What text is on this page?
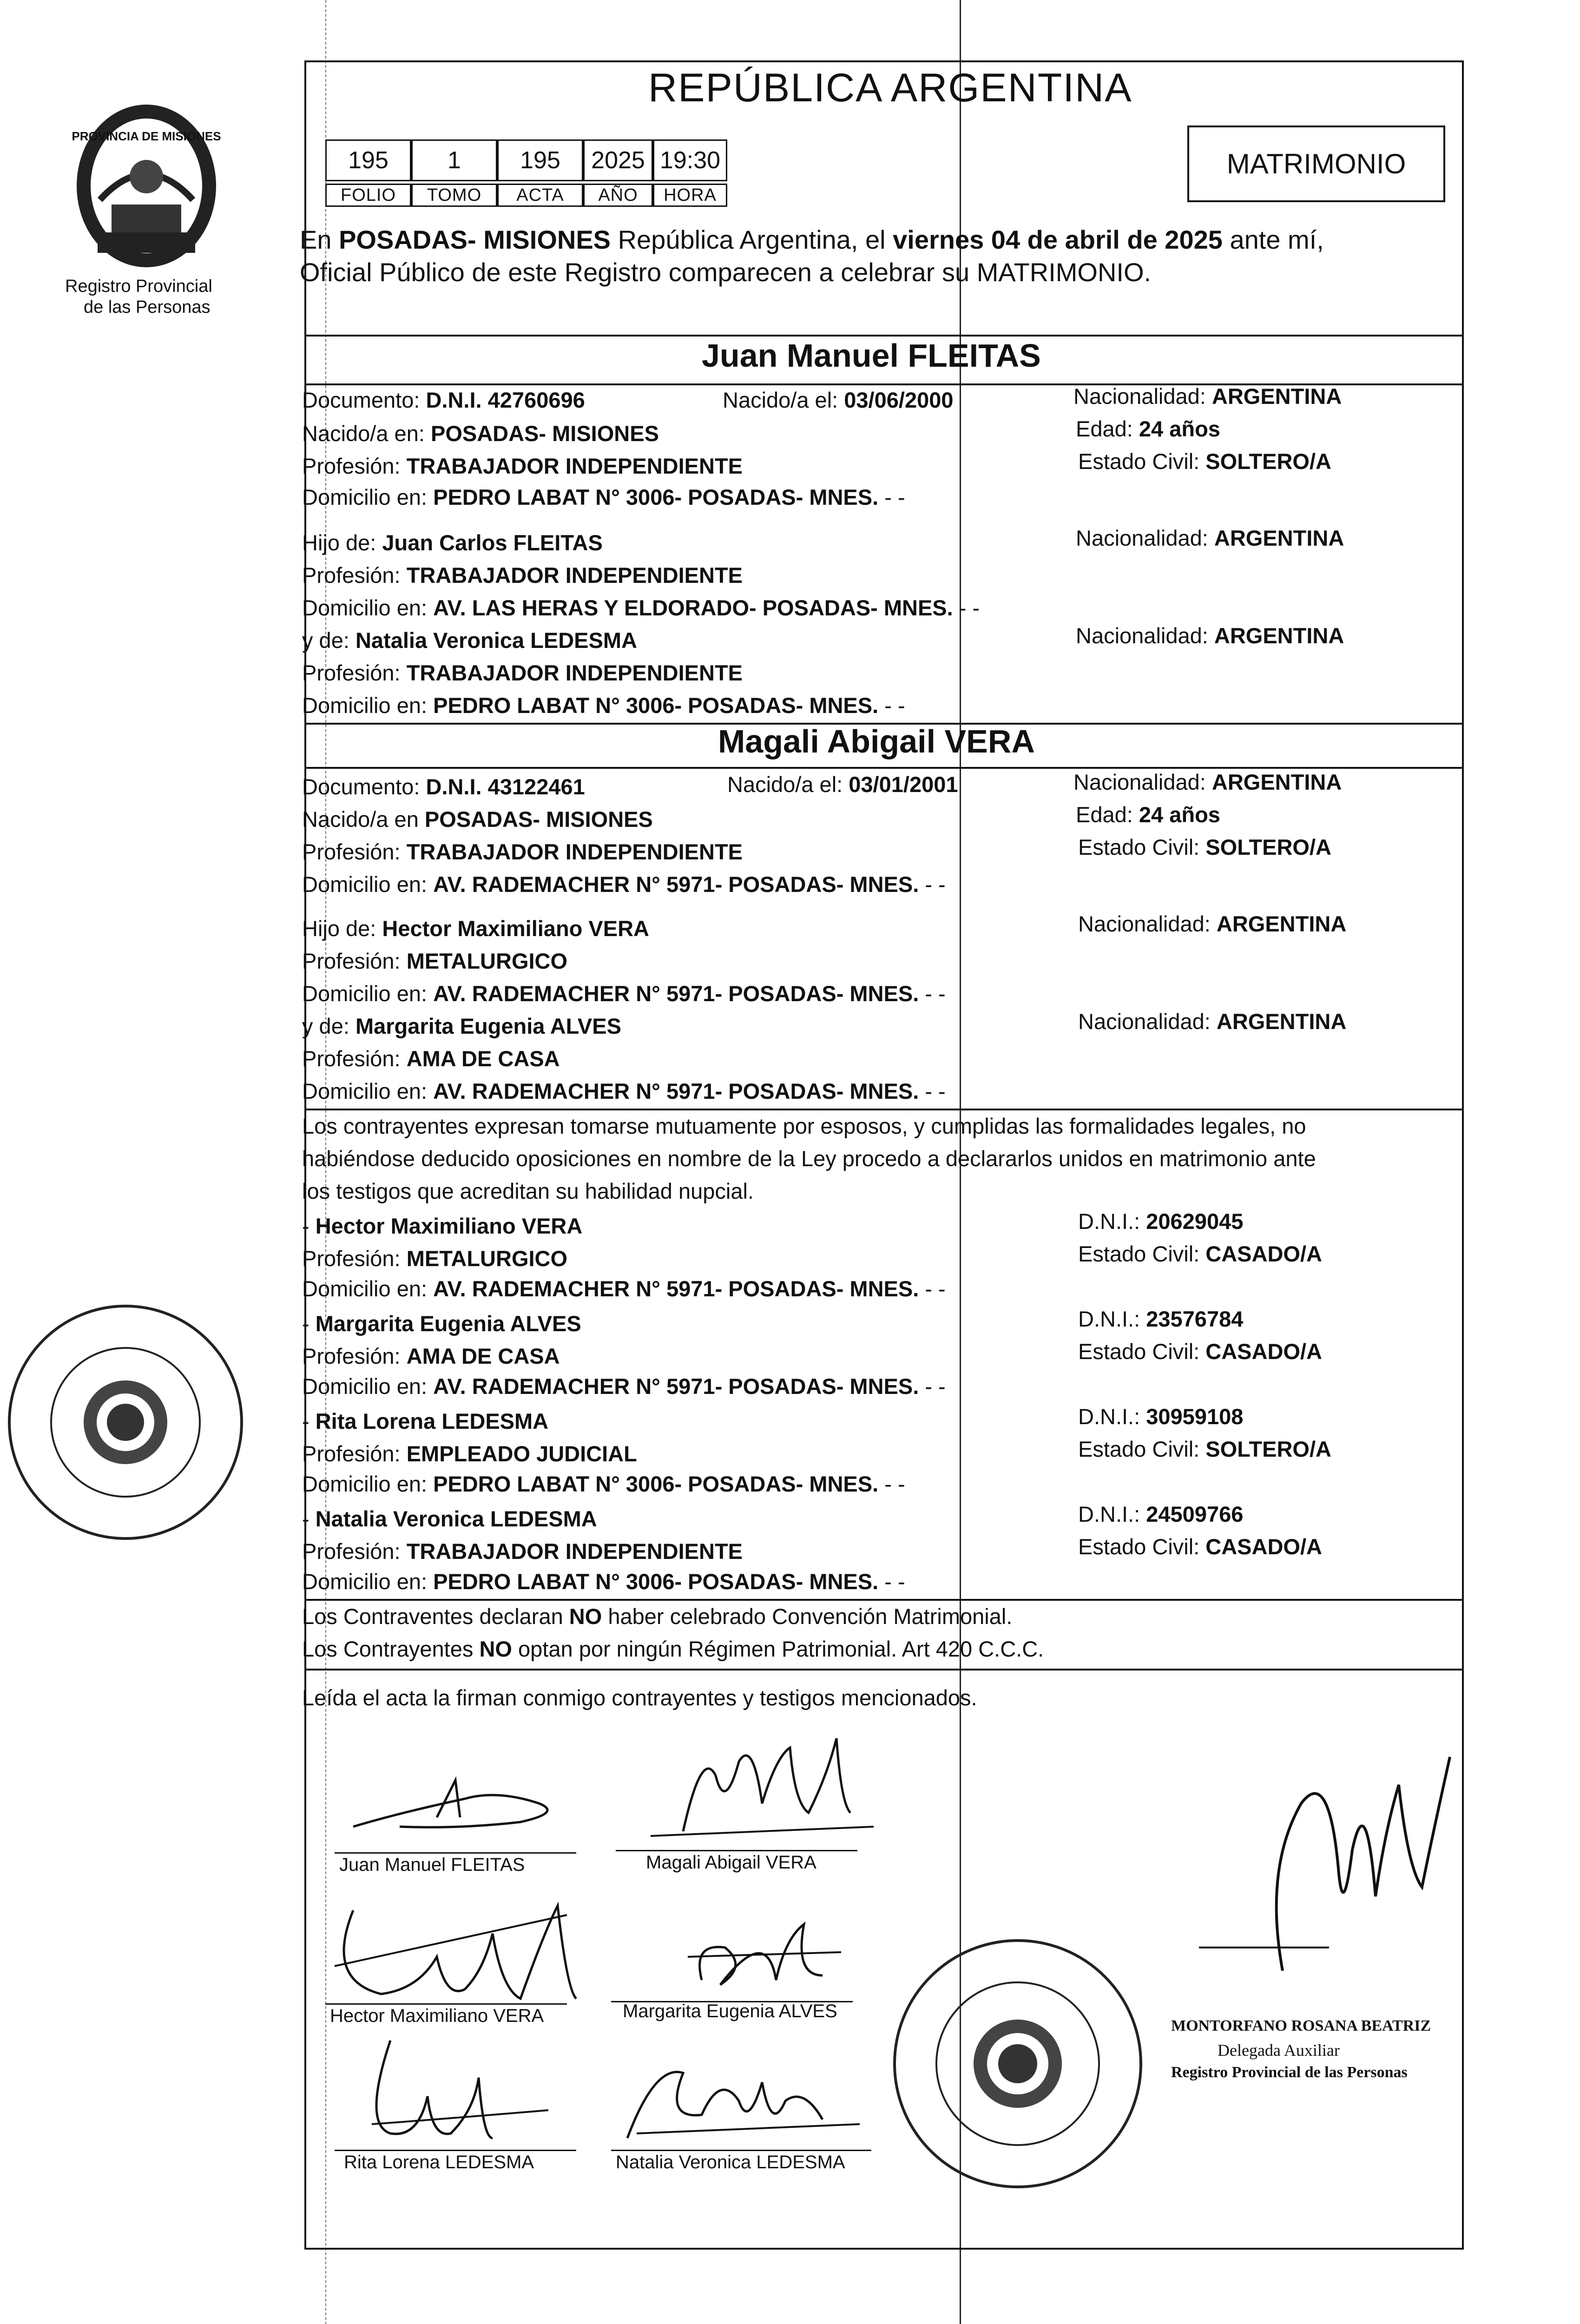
PROVINCIA DE MISIONES
Registro Provincial
de las Personas
REPÚBLICA ARGENTINA
195	1	195	2025 19:30
FOLIO	TOMO	ACTA	AÑO	HORA
MATRIMONIO
En POSADAS- MISIONES República Argentina, el viernes 04 de abril de 2025 ante mí,
Oficial Público de este Registro comparecen a celebrar su MATRIMONIO.
Juan Manuel FLEITAS
Documento: D.N.I. 42760696	Nacido/a el: 03/06/2000	Nacionalidad: ARGENTINA
Nacido/a en: POSADAS- MISIONES	Edad: 24 años
Profesión: TRABAJADOR INDEPENDIENTE	Estado Civil: SOLTERO/A
Domicilio en: PEDRO LABAT N° 3006- POSADAS- MNES. - -
Hijo de: Juan Carlos FLEITAS	Nacionalidad: ARGENTINA
Profesión: TRABAJADOR INDEPENDIENTE
Domicilio en: AV. LAS HERAS Y ELDORADO- POSADAS- MNES. - -
y de: Natalia Veronica LEDESMA	Nacionalidad: ARGENTINA
Profesión: TRABAJADOR INDEPENDIENTE
Domicilio en: PEDRO LABAT N° 3006- POSADAS- MNES. - -
Magali Abigail VERA
Documento: D.N.I. 43122461	Nacido/a el: 03/01/2001	Nacionalidad: ARGENTINA
Nacido/a en POSADAS- MISIONES	Edad: 24 años
Profesión: TRABAJADOR INDEPENDIENTE	Estado Civil: SOLTERO/A
Domicilio en: AV. RADEMACHER N° 5971- POSADAS- MNES. - -
Hijo de: Hector Maximiliano VERA	Nacionalidad: ARGENTINA
Profesión: METALURGICO
Domicilio en: AV. RADEMACHER N° 5971- POSADAS- MNES. - -
y de: Margarita Eugenia ALVES	Nacionalidad: ARGENTINA
Profesión: AMA DE CASA
Domicilio en: AV. RADEMACHER N° 5971- POSADAS- MNES. - -
Los contrayentes expresan tomarse mutuamente por esposos, y cumplidas las formalidades legales, no
habiéndose deducido oposiciones en nombre de la Ley procedo a declararlos unidos en matrimonio ante
los testigos que acreditan su habilidad nupcial.
- Hector Maximiliano VERA	D.N.I.: 20629045
Profesión: METALURGICO	Estado Civil: CASADO/A
Domicilio en: AV. RADEMACHER N° 5971- POSADAS- MNES. - -
- Margarita Eugenia ALVES	D.N.I.: 23576784
Profesión: AMA DE CASA	Estado Civil: CASADO/A
Domicilio en: AV. RADEMACHER N° 5971- POSADAS- MNES. - -
- Rita Lorena LEDESMA	D.N.I.: 30959108
Profesión: EMPLEADO JUDICIAL	Estado Civil: SOLTERO/A
Domicilio en: PEDRO LABAT N° 3006- POSADAS- MNES. - -
- Natalia Veronica LEDESMA	D.N.I.: 24509766
Profesión: TRABAJADOR INDEPENDIENTE	Estado Civil: CASADO/A
Domicilio en: PEDRO LABAT N° 3006- POSADAS- MNES. - -
Los Contraventes declaran NO haber celebrado Convención Matrimonial.
Los Contrayentes NO optan por ningún Régimen Patrimonial. Art 420 C.C.C.
Leída el acta la firman conmigo contrayentes y testigos mencionados.
Juan Manuel FLEITAS	Magali Abigail VERA
Hector Maximiliano VERA	Margarita Eugenia ALVES
Rita Lorena LEDESMA	Natalia Veronica LEDESMA
MONTORFANO ROSANA BEATRIZ
Delegada Auxiliar
Registro Provincial de las Personas
